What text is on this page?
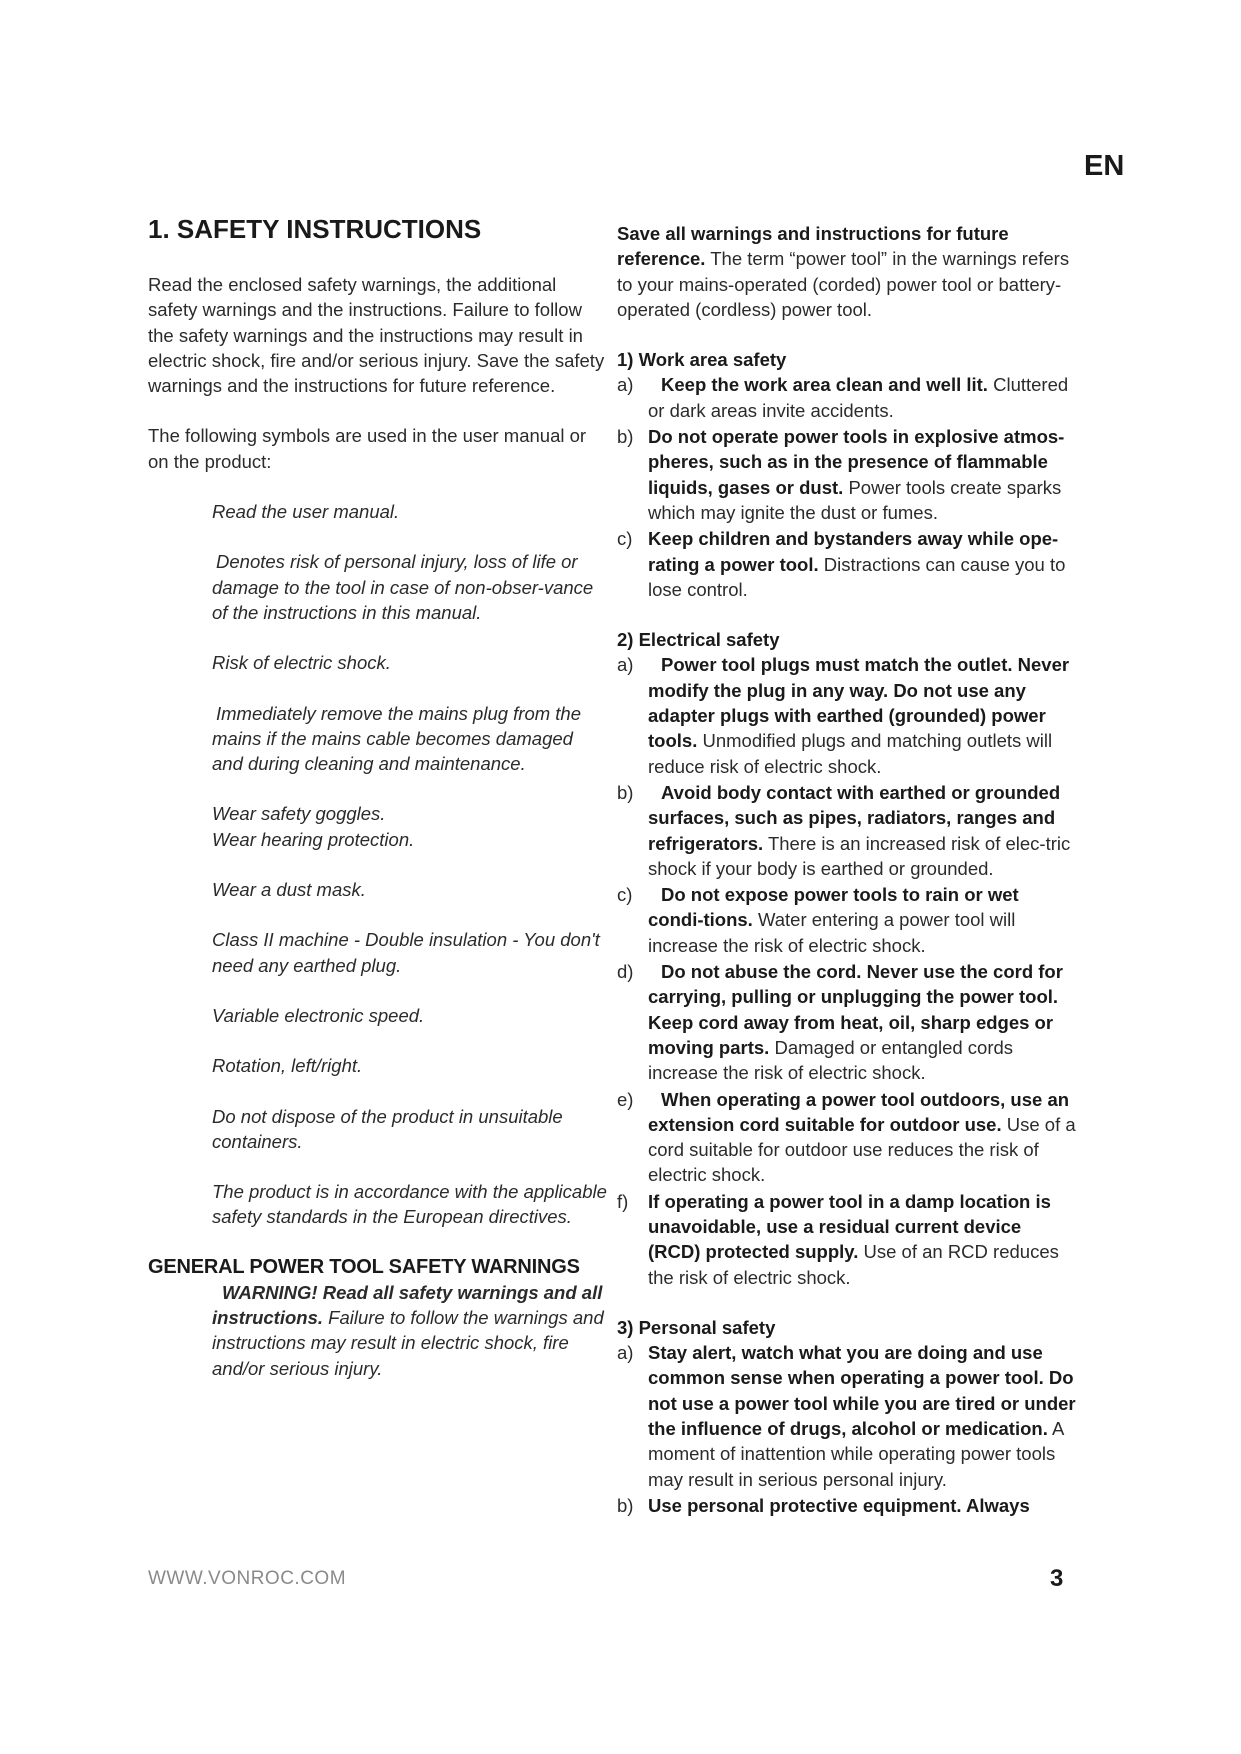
EN
1. SAFETY INSTRUCTIONS

Read the enclosed safety warnings, the additional safety warnings and the instructions. Failure to follow the safety warnings and the instructions may result in electric shock, fire and/or serious injury. Save the safety warnings and the instructions for future reference.

The following symbols are used in the user manual or on the product:

Read the user manual.

Denotes risk of personal injury, loss of life or damage to the tool in case of non-obser-vance of the instructions in this manual.

Risk of electric shock.

Immediately remove the mains plug from the mains if the mains cable becomes damaged and during cleaning and maintenance.

Wear safety goggles.

Wear hearing protection.

Wear a dust mask.

Class II machine - Double insulation - You don't need any earthed plug.

Variable electronic speed.

Rotation, left/right.

Do not dispose of the product in unsuitable containers.

The product is in accordance with the applicable safety standards in the European directives.

GENERAL POWER TOOL SAFETY WARNINGS

WARNING! Read all safety warnings and all instructions. Failure to follow the warnings and instructions may result in electric shock, fire and/or serious injury.

Save all warnings and instructions for future reference. The term “power tool” in the warnings refers to your mains-operated (corded) power tool or battery-operated (cordless) power tool.

1) Work area safety

a) Keep the work area clean and well lit. Cluttered or dark areas invite accidents.
b) Do not operate power tools in explosive atmos-pheres, such as in the presence of flammable liquids, gases or dust. Power tools create sparks which may ignite the dust or fumes.
c) Keep children and bystanders away while ope-rating a power tool. Distractions can cause you to lose control.

2) Electrical safety

a) Power tool plugs must match the outlet. Never modify the plug in any way. Do not use any adapter plugs with earthed (grounded) power tools. Unmodified plugs and matching outlets will reduce risk of electric shock.
b) Avoid body contact with earthed or grounded surfaces, such as pipes, radiators, ranges and refrigerators. There is an increased risk of elec-tric shock if your body is earthed or grounded.
c) Do not expose power tools to rain or wet condi-tions. Water entering a power tool will increase the risk of electric shock.
d) Do not abuse the cord. Never use the cord for carrying, pulling or unplugging the power tool. Keep cord away from heat, oil, sharp edges or moving parts. Damaged or entangled cords increase the risk of electric shock.
e) When operating a power tool outdoors, use an extension cord suitable for outdoor use. Use of a cord suitable for outdoor use reduces the risk of electric shock.
f) If operating a power tool in a damp location is unavoidable, use a residual current device (RCD) protected supply. Use of an RCD reduces the risk of electric shock.

3) Personal safety

a) Stay alert, watch what you are doing and use common sense when operating a power tool. Do not use a power tool while you are tired or under the influence of drugs, alcohol or medication. A moment of inattention while operating power tools may result in serious personal injury.
b) Use personal protective equipment. Always
WWW.VONROC.COM	3
